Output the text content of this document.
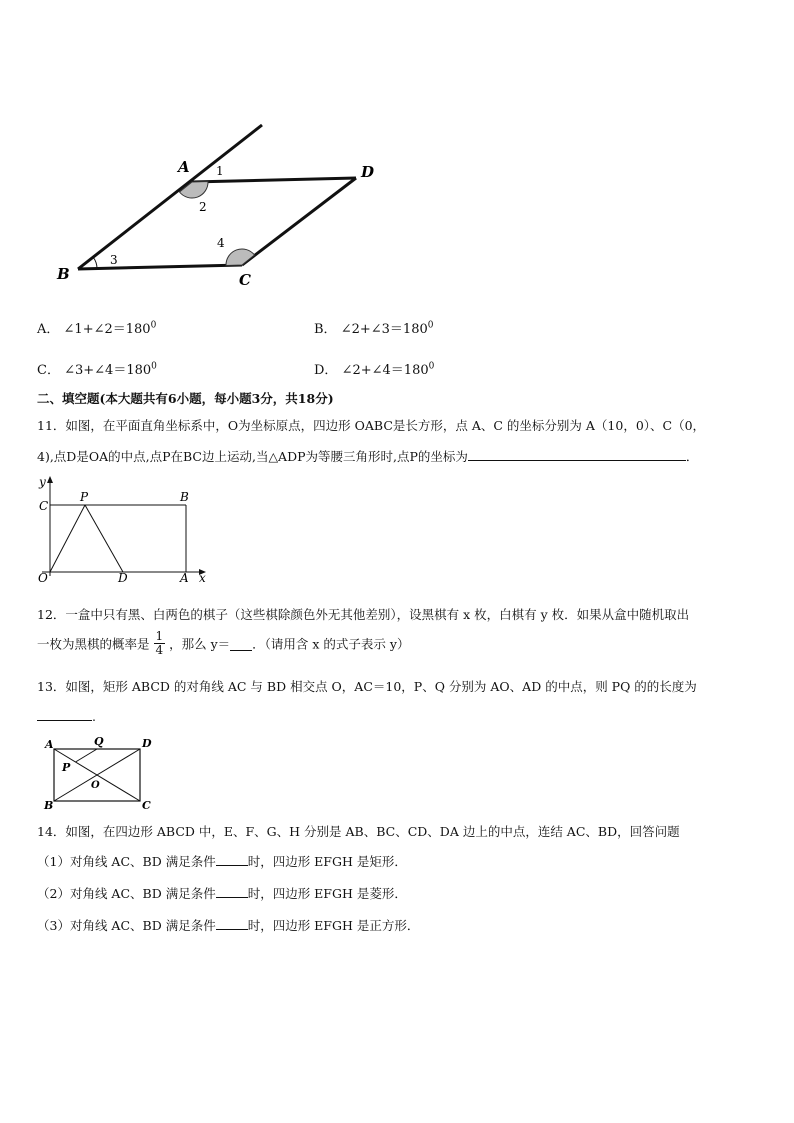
A
B	C
D
1
2
3
4
A． $\angle 1+\angle 2=180^0$	B． $\angle 2+\angle 3=180^0$
C． $\angle 3+\angle 4=180^0$	D． $\angle 2+\angle 4=180^0$
二、填空题(本大题共有6小题，每小题3分，共18分)
11．如图，在平面直角坐标系中，O为坐标原点，四边形 OABC是长方形，点 A、C 的坐标分别为 A（10，0）、C（0，
4),点D是OA的中点,点P在BC边上运动,当△ADP为等腰三角形时,点P的坐标为	．
y
x
C
P	B
O	D	A
12．一盒中只有黑、白两色的棋子（这些棋除颜色外无其他差别），设黑棋有 x 枚，白棋有 y 枚．如果从盒中随机取出
一枚为黑棋的概率是 $\frac{1}{4}$ ，那么 y＝ ．（请用含 x 的式子表示 y）
13．如图，矩形 ABCD 的对角线 AC 与 BD 相交点 O，AC＝10，P、Q 分别为 AO、AD 的中点，则 PQ 的的长度为
.
A	Q	D
P
O
B	C
14．如图，在四边形 ABCD 中，E、F、G、H 分别是 AB、BC、CD、DA 边上的中点，连结 AC、BD，回答问题
（1）对角线 AC、BD 满足条件	时，四边形 EFGH 是矩形．
（2）对角线 AC、BD 满足条件	时，四边形 EFGH 是菱形．
（3）对角线 AC、BD 满足条件	时，四边形 EFGH 是正方形．
